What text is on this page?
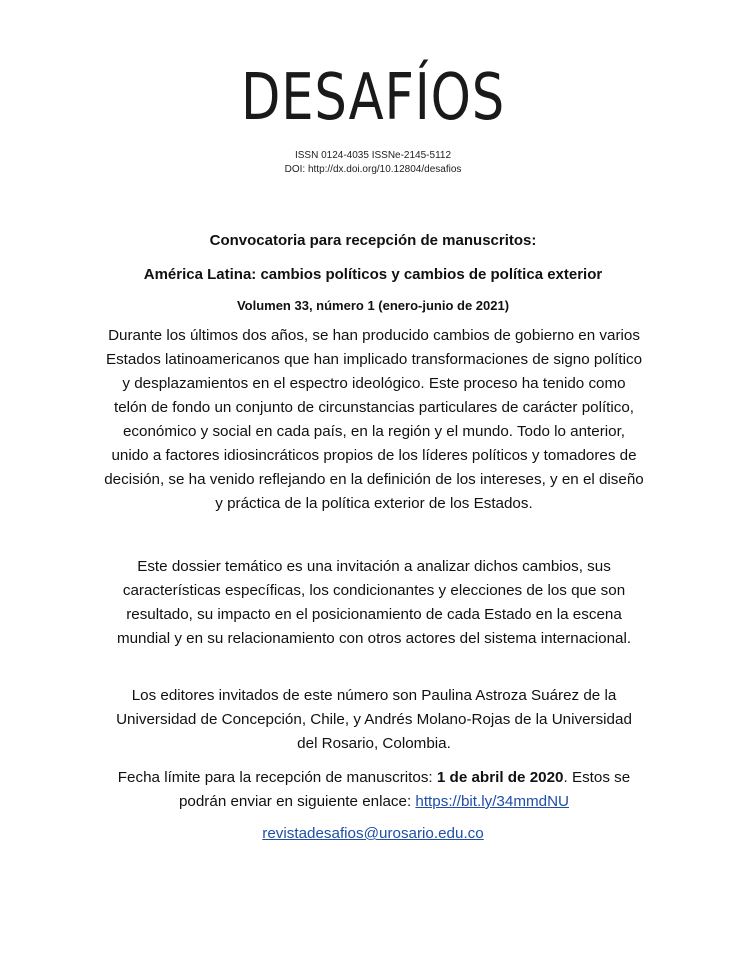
DESAFÍOS
ISSN 0124-4035 ISSNe-2145-5112
DOI: http://dx.doi.org/10.12804/desafios
Convocatoria para recepción de manuscritos:
América Latina: cambios políticos y cambios de política exterior
Volumen 33, número 1 (enero-junio de 2021)
Durante los últimos dos años, se han producido cambios de gobierno en varios Estados latinoamericanos que han implicado transformaciones de signo político y desplazamientos en el espectro ideológico. Este proceso ha tenido como telón de fondo un conjunto de circunstancias particulares de carácter político, económico y social en cada país, en la región y el mundo. Todo lo anterior, unido a factores idiosincráticos propios de los líderes políticos y tomadores de decisión, se ha venido reflejando en la definición de los intereses, y en el diseño y práctica de la política exterior de los Estados.
Este dossier temático es una invitación a analizar dichos cambios, sus características específicas, los condicionantes y elecciones de los que son resultado, su impacto en el posicionamiento de cada Estado en la escena mundial y en su relacionamiento con otros actores del sistema internacional.
Los editores invitados de este número son Paulina Astroza Suárez de la Universidad de Concepción, Chile, y Andrés Molano-Rojas de la Universidad del Rosario, Colombia.
Fecha límite para la recepción de manuscritos: 1 de abril de 2020. Estos se podrán enviar en siguiente enlace: https://bit.ly/34mmdNU
revistadesafios@urosario.edu.co
